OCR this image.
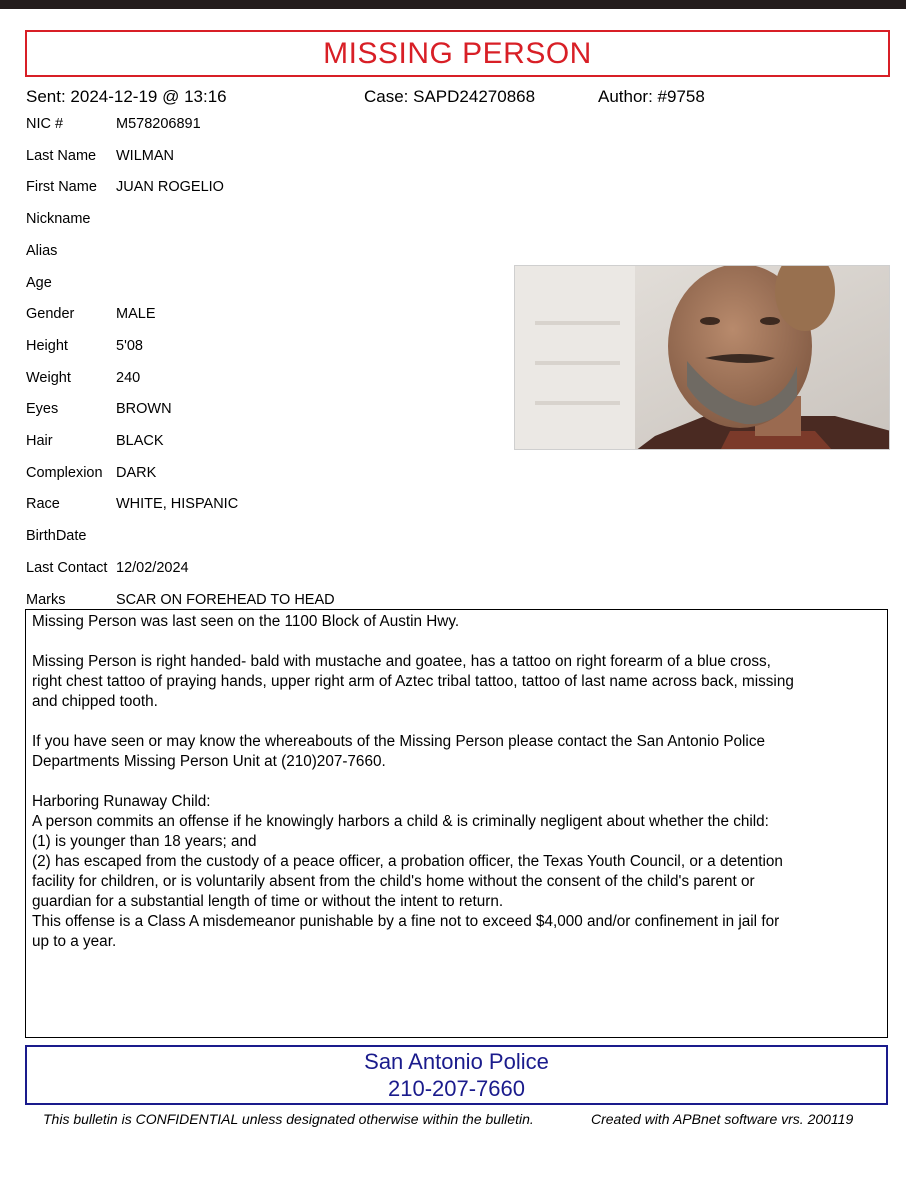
MISSING PERSON
Sent: 2024-12-19 @ 13:16	Case: SAPD24270868	Author: #9758
NIC #	M578206891
Last Name WILMAN
First Name JUAN ROGELIO
Nickname
Alias
Age
Gender	MALE
Height	5'08
Weight	240
Eyes	BROWN
Hair	BLACK
Complexion DARK
Race	WHITE, HISPANIC
BirthDate
Last Contact 12/02/2024
Marks	SCAR ON FOREHEAD TO HEAD

Missing Person was last seen on the 1100 Block of Austin Hwy.

Missing Person is right handed- bald with mustache and goatee, has a tattoo on right forearm of a blue cross,
right chest tattoo of praying hands, upper right arm of Aztec tribal tattoo, tattoo of last name across back, missing
and chipped tooth.

If you have seen or may know the whereabouts of the Missing Person please contact the San Antonio Police
Departments Missing Person Unit at (210)207-7660.

Harboring Runaway Child:
A person commits an offense if he knowingly harbors a child & is criminally negligent about whether the child:
(1) is younger than 18 years; and
(2) has escaped from the custody of a peace officer, a probation officer, the Texas Youth Council, or a detention
facility for children, or is voluntarily absent from the child's home without the consent of the child's parent or
guardian for a substantial length of time or without the intent to return.
This offense is a Class A misdemeanor punishable by a fine not to exceed $4,000 and/or confinement in jail for
up to a year.

San Antonio Police
210-207-7660
This bulletin is CONFIDENTIAL unless designated otherwise within the bulletin.	Created with APBnet software vrs. 200119
